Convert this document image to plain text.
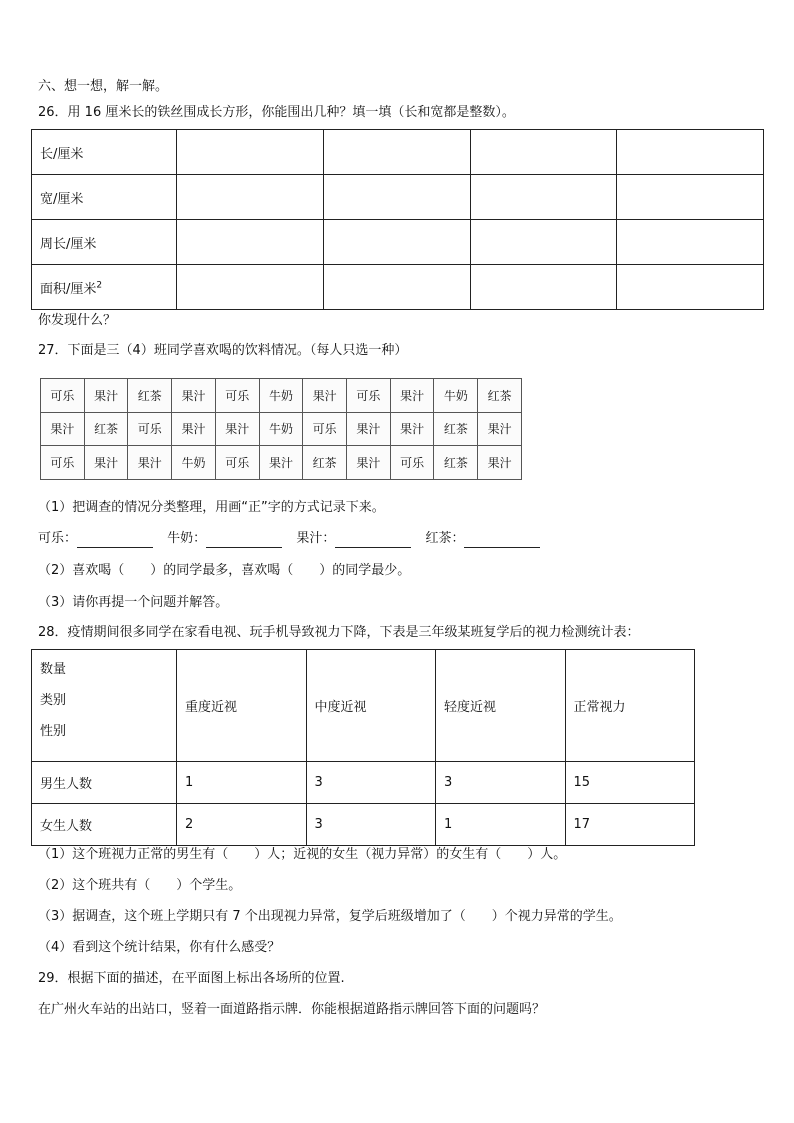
六、想一想，解一解。
26．用 16 厘米长的铁丝围成长方形，你能围出几种？填一填（长和宽都是整数）。
长/厘米				
宽/厘米				
周长/厘米				
面积/厘米$^2$				
你发现什么？
27．下面是三（4）班同学喜欢喝的饮料情况。（每人只选一种）
可乐	果汁	红茶	果汁	可乐	牛奶	果汁	可乐	果汁	牛奶	红茶
果汁	红茶	可乐	果汁	果汁	牛奶	可乐	果汁	果汁	红茶	果汁
可乐	果汁	果汁	牛奶	可乐	果汁	红茶	果汁	可乐	红茶	果汁
（1）把调查的情况分类整理，用画“正”字的方式记录下来。
可乐：	牛奶：	果汁：	红茶：
（2）喜欢喝（　　）的同学最多，喜欢喝（　　）的同学最少。
（3）请你再提一个问题并解答。
28．疫情期间很多同学在家看电视、玩手机导致视力下降，下表是三年级某班复学后的视力检测统计表：
数量
类别
性别	重度近视	中度近视	轻度近视	正常视力
男生人数	1	3	3	15
女生人数	2	3	1	17
（1）这个班视力正常的男生有（　　）人；近视的女生（视力异常）的女生有（　　）人。
（2）这个班共有（　　）个学生。
（3）据调查，这个班上学期只有 7 个出现视力异常，复学后班级增加了（　　）个视力异常的学生。
（4）看到这个统计结果，你有什么感受？
29．根据下面的描述，在平面图上标出各场所的位置.
在广州火车站的出站口，竖着一面道路指示牌．你能根据道路指示牌回答下面的问题吗？
